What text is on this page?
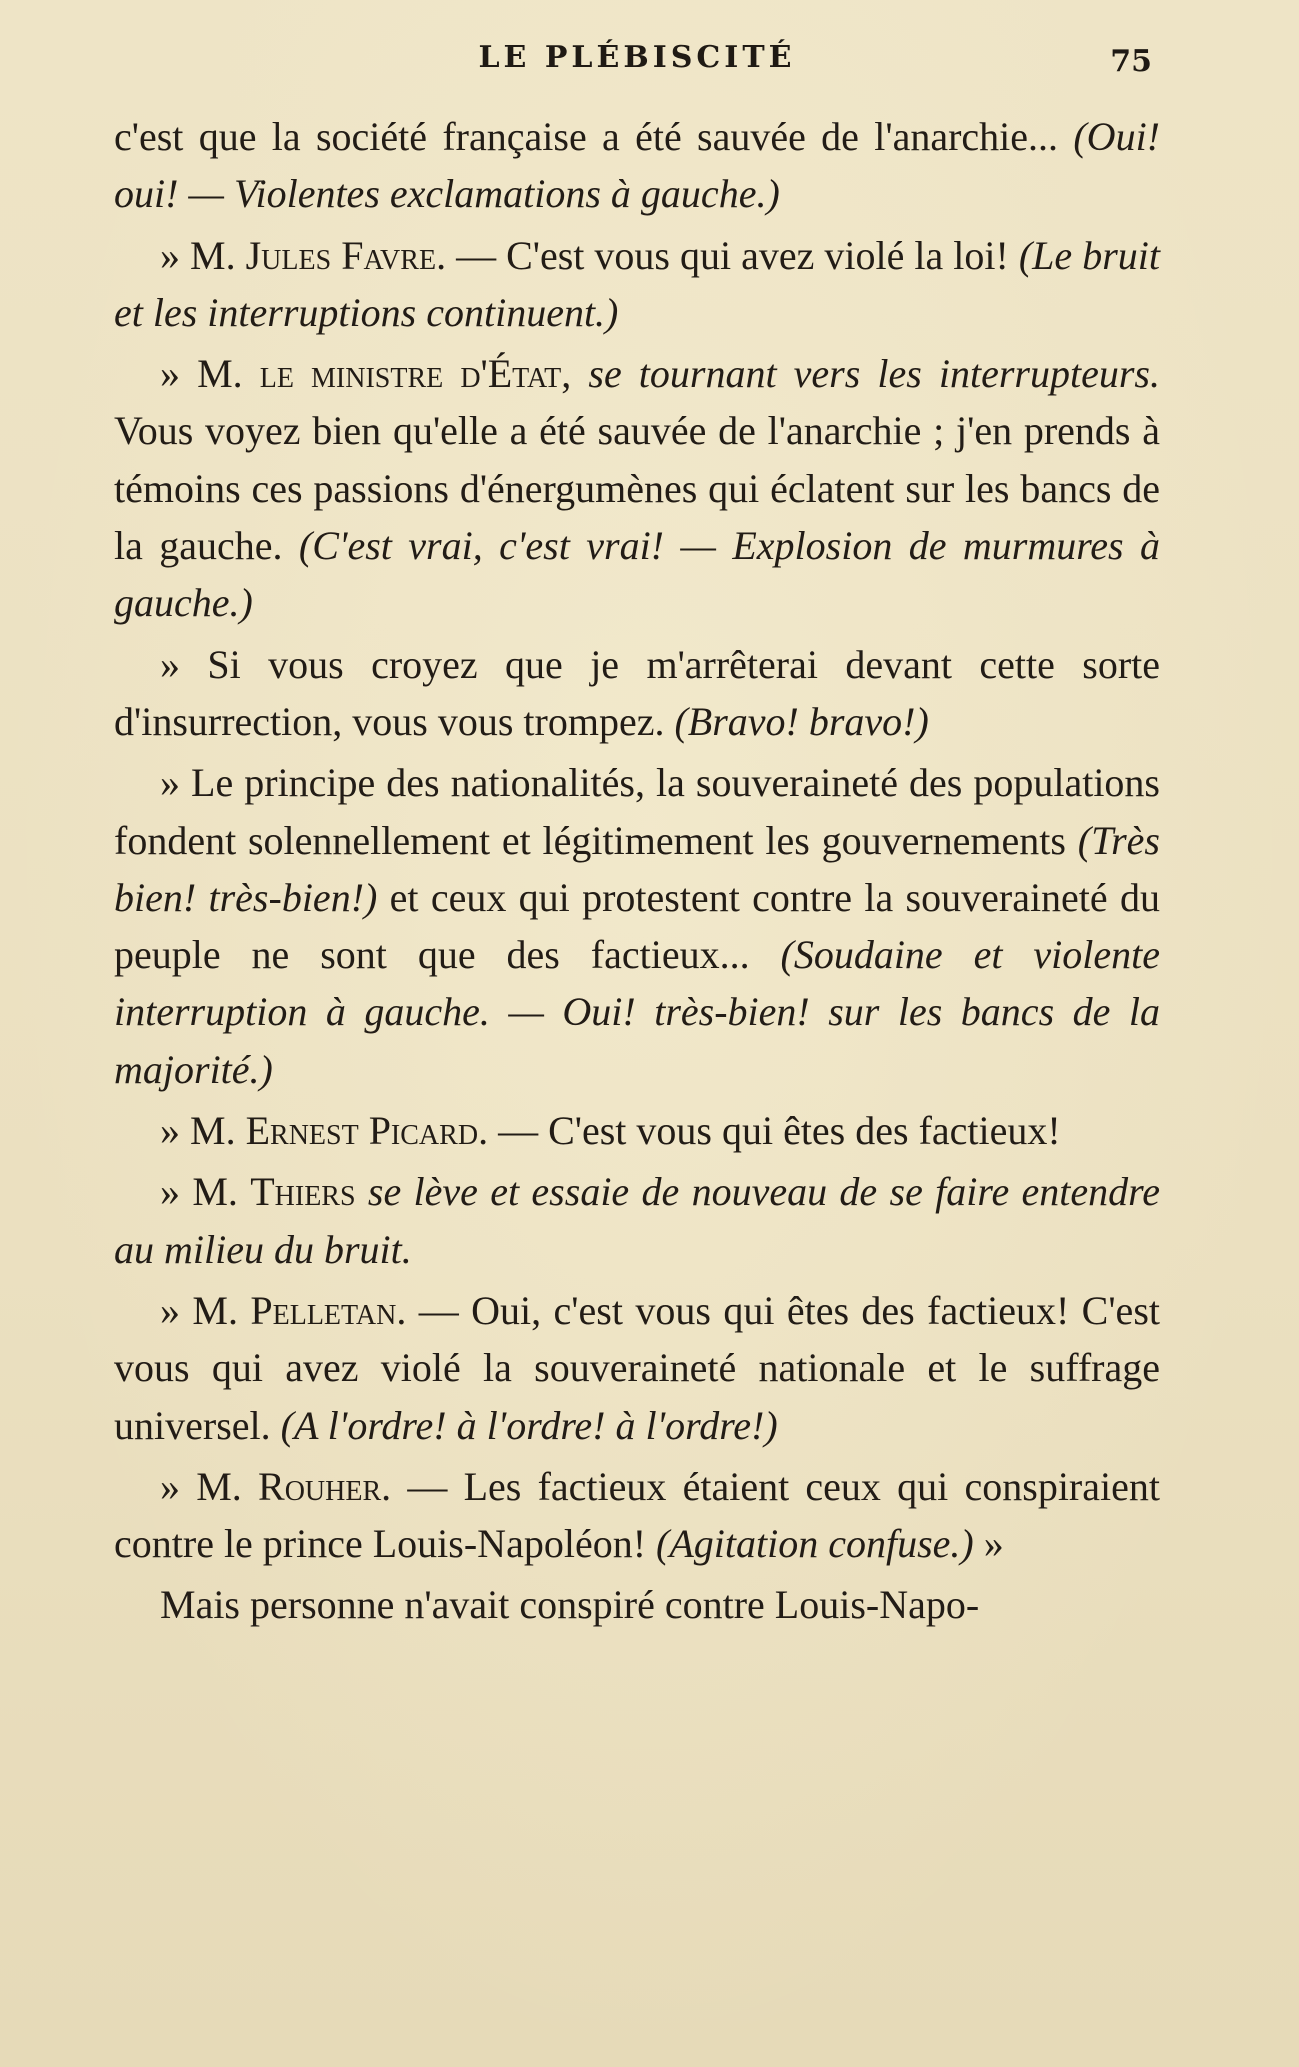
LE PLÉBISCITÉ	75

c'est que la société française a été sauvée de l'anarchie... (Oui! oui! — Violentes exclamations à gauche.)

» M. Jules Favre. — C'est vous qui avez violé la loi! (Le bruit et les interruptions continuent.)

» M. le ministre d'État, se tournant vers les interrupteurs. Vous voyez bien qu'elle a été sauvée de l'anarchie ; j'en prends à témoins ces passions d'énergumènes qui éclatent sur les bancs de la gauche. (C'est vrai, c'est vrai! — Explosion de murmures à gauche.)

» Si vous croyez que je m'arrêterai devant cette sorte d'insurrection, vous vous trompez. (Bravo! bravo!)

» Le principe des nationalités, la souveraineté des populations fondent solennellement et légitimement les gouvernements (Très bien! très-bien!) et ceux qui protestent contre la souveraineté du peuple ne sont que des factieux... (Soudaine et violente interruption à gauche. — Oui! très-bien! sur les bancs de la majorité.)

» M. Ernest Picard. — C'est vous qui êtes des factieux!

» M. Thiers se lève et essaie de nouveau de se faire entendre au milieu du bruit.

» M. Pelletan. — Oui, c'est vous qui êtes des factieux! C'est vous qui avez violé la souveraineté nationale et le suffrage universel. (A l'ordre! à l'ordre! à l'ordre!)

» M. Rouher. — Les factieux étaient ceux qui conspiraient contre le prince Louis-Napoléon! (Agitation confuse.) »

Mais personne n'avait conspiré contre Louis-Napo-
